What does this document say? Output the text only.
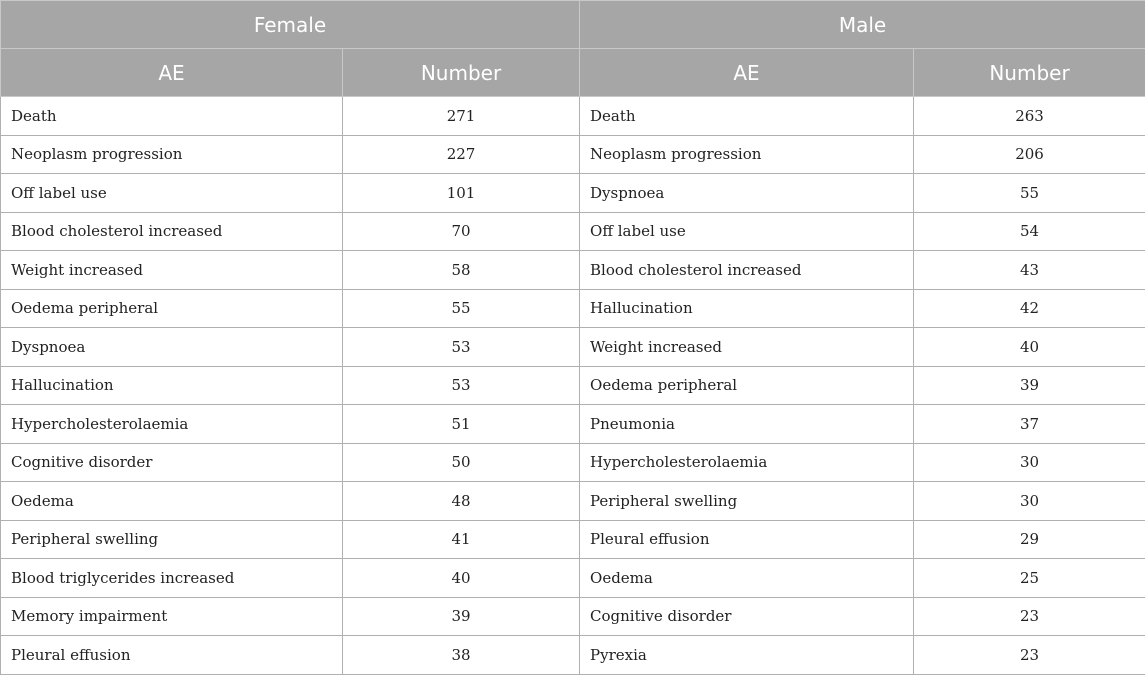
Female		Male	
AE	Number	AE	Number
Death	271	Death	263
Neoplasm progression	227	Neoplasm progression	206
Off label use	101	Dyspnoea	55
Blood cholesterol increased	70	Off label use	54
Weight increased	58	Blood cholesterol increased	43
Oedema peripheral	55	Hallucination	42
Dyspnoea	53	Weight increased	40
Hallucination	53	Oedema peripheral	39
Hypercholesterolaemia	51	Pneumonia	37
Cognitive disorder	50	Hypercholesterolaemia	30
Oedema	48	Peripheral swelling	30
Peripheral swelling	41	Pleural effusion	29
Blood triglycerides increased	40	Oedema	25
Memory impairment	39	Cognitive disorder	23
Pleural effusion	38	Pyrexia	23
